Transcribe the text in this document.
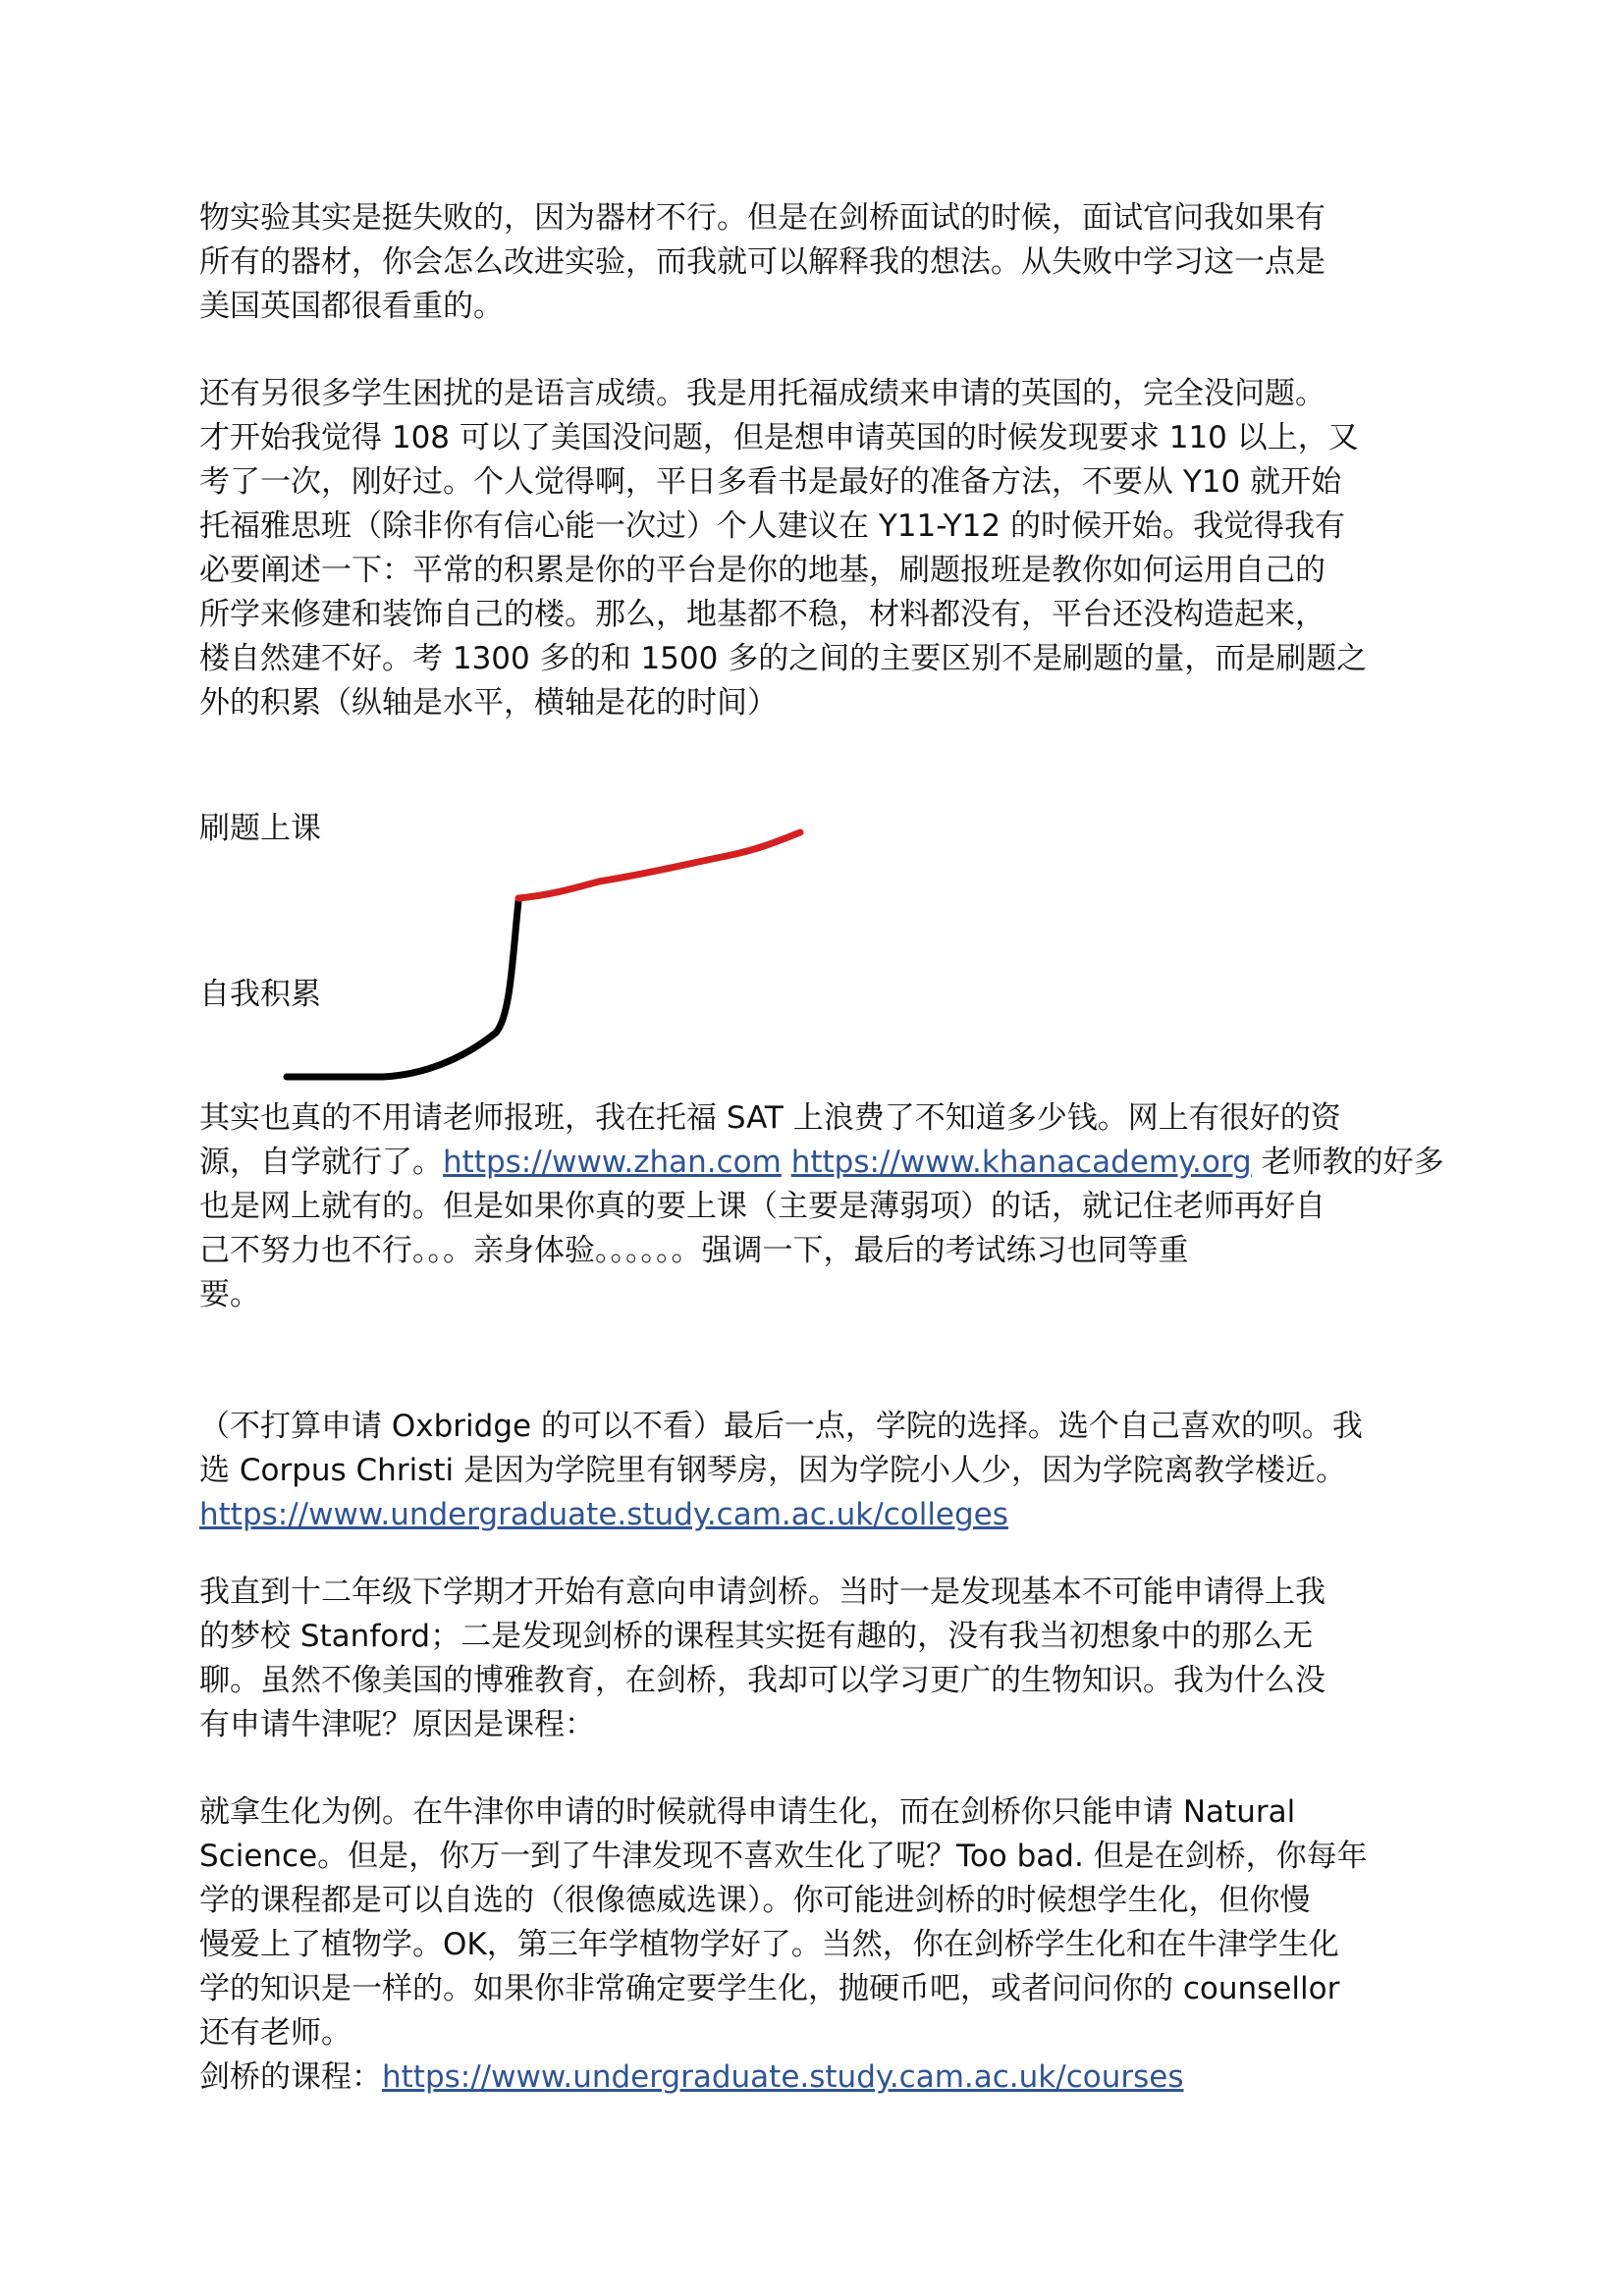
物实验其实是挺失败的，因为器材不行。但是在剑桥面试的时候，面试官问我如果有
所有的器材，你会怎么改进实验，而我就可以解释我的想法。从失败中学习这一点是
美国英国都很看重的。
还有另很多学生困扰的是语言成绩。我是用托福成绩来申请的英国的，完全没问题。
才开始我觉得 108 可以了美国没问题，但是想申请英国的时候发现要求 110 以上，又
考了一次，刚好过。个人觉得啊，平日多看书是最好的准备方法，不要从 Y10 就开始
托福雅思班（除非你有信心能一次过）个人建议在 Y11-Y12 的时候开始。我觉得我有
必要阐述一下：平常的积累是你的平台是你的地基，刷题报班是教你如何运用自己的
所学来修建和装饰自己的楼。那么，地基都不稳，材料都没有，平台还没构造起来，
楼自然建不好。考 1300 多的和 1500 多的之间的主要区别不是刷题的量，而是刷题之
外的积累（纵轴是水平，横轴是花的时间）
刷题上课
自我积累
其实也真的不用请老师报班，我在托福 SAT 上浪费了不知道多少钱。网上有很好的资
源，自学就行了。https://www.zhan.com https://www.khanacademy.org 老师教的好多
也是网上就有的。但是如果你真的要上课（主要是薄弱项）的话，就记住老师再好自
己不努力也不行。。。亲身体验。。。。。。强调一下，最后的考试练习也同等重
要。
（不打算申请 Oxbridge 的可以不看）最后一点，学院的选择。选个自己喜欢的呗。我
选 Corpus Christi 是因为学院里有钢琴房，因为学院小人少，因为学院离教学楼近。
https://www.undergraduate.study.cam.ac.uk/colleges
我直到十二年级下学期才开始有意向申请剑桥。当时一是发现基本不可能申请得上我
的梦校 Stanford；二是发现剑桥的课程其实挺有趣的，没有我当初想象中的那么无
聊。虽然不像美国的博雅教育，在剑桥，我却可以学习更广的生物知识。我为什么没
有申请牛津呢？原因是课程：
就拿生化为例。在牛津你申请的时候就得申请生化，而在剑桥你只能申请 Natural
Science。但是，你万一到了牛津发现不喜欢生化了呢？Too bad. 但是在剑桥，你每年
学的课程都是可以自选的（很像德威选课）。你可能进剑桥的时候想学生化，但你慢
慢爱上了植物学。OK，第三年学植物学好了。当然，你在剑桥学生化和在牛津学生化
学的知识是一样的。如果你非常确定要学生化，抛硬币吧，或者问问你的 counsellor
还有老师。
剑桥的课程：https://www.undergraduate.study.cam.ac.uk/courses
